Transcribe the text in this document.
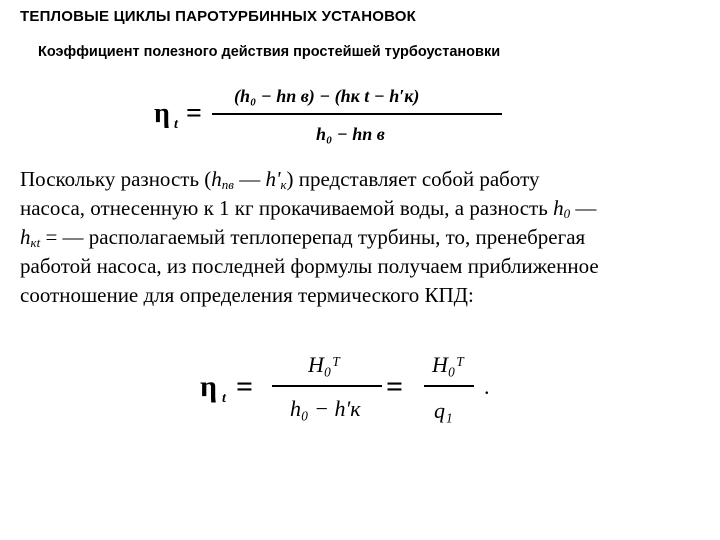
ТЕПЛОВЫЕ ЦИКЛЫ ПАРОТУРБИННЫХ УСТАНОВОК
Коэффициент полезного действия простейшей турбоустановки
η t =
(h₀ − hп в) − (hк t − h′к)
h₀ − hп в
Поскольку разность ($h_{пв}$ — $h'_к$) представляет собой работу
насоса, отнесенную к 1 кг прокачиваемой воды, а разность $h_0$ —
$h_{кt}$ = — располагаемый теплоперепад турбины, то, пренебрегая
работой насоса, из последней формулы получаем приближенное
соотношение для определения термического КПД:
η t =
H₀ᵀ
h₀ − h′к
=
H₀ᵀ
q₁
.
